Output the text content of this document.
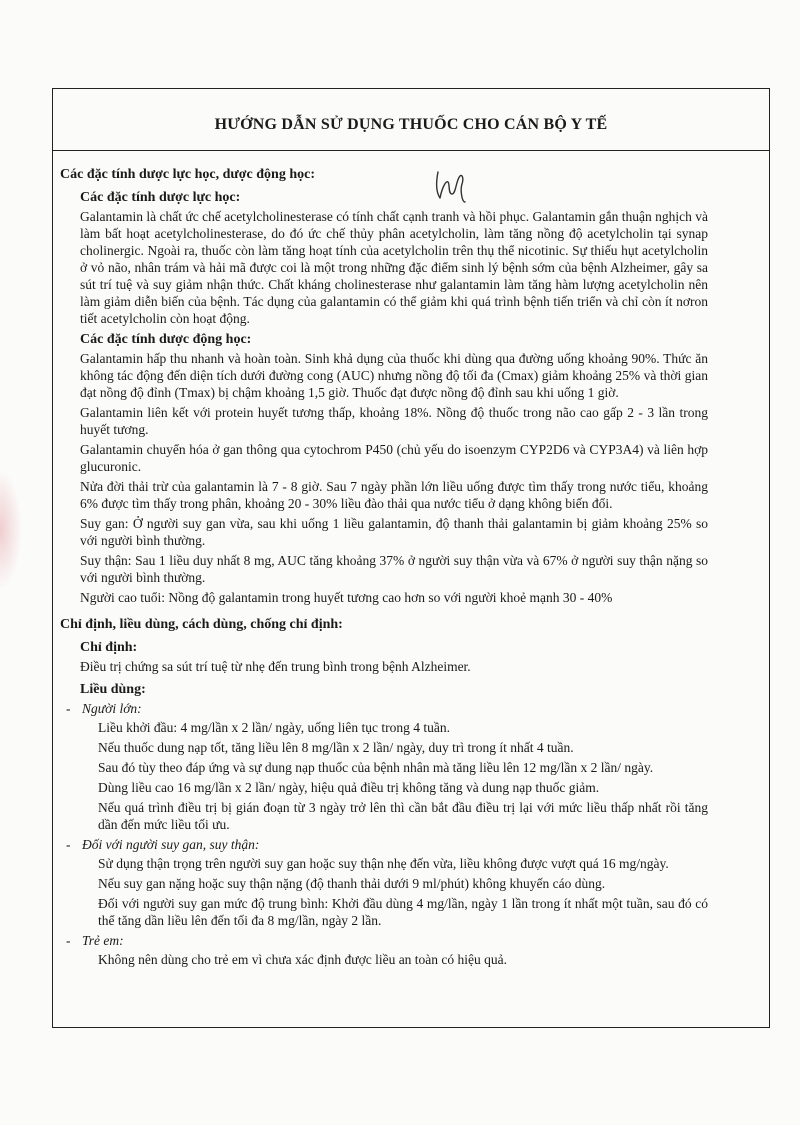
HƯỚNG DẪN SỬ DỤNG THUỐC CHO CÁN BỘ Y TẾ
Các đặc tính dược lực học, dược động học:
Các đặc tính dược lực học:
Galantamin là chất ức chế acetylcholinesterase có tính chất cạnh tranh và hồi phục. Galantamin gắn thuận nghịch và làm bất hoạt acetylcholinesterase, do đó ức chế thủy phân acetylcholin, làm tăng nồng độ acetylcholin tại synap cholinergic. Ngoài ra, thuốc còn làm tăng hoạt tính của acetylcholin trên thụ thể nicotinic. Sự thiếu hụt acetylcholin ở vỏ não, nhân trám và hải mã được coi là một trong những đặc điểm sinh lý bệnh sớm của bệnh Alzheimer, gây sa sút trí tuệ và suy giảm nhận thức. Chất kháng cholinesterase như galantamin làm tăng hàm lượng acetylcholin nên làm giảm diễn biến của bệnh. Tác dụng của galantamin có thể giảm khi quá trình bệnh tiến triển và chỉ còn ít nơron tiết acetylcholin còn hoạt động.
Các đặc tính dược động học:
Galantamin hấp thu nhanh và hoàn toàn. Sinh khả dụng của thuốc khi dùng qua đường uống khoảng 90%. Thức ăn không tác động đến diện tích dưới đường cong (AUC) nhưng nồng độ tối đa (Cmax) giảm khoảng 25% và thời gian đạt nồng độ đỉnh (Tmax) bị chậm khoảng 1,5 giờ. Thuốc đạt được nồng độ đỉnh sau khi uống 1 giờ.
Galantamin liên kết với protein huyết tương thấp, khoảng 18%. Nồng độ thuốc trong não cao gấp 2 - 3 lần trong huyết tương.
Galantamin chuyển hóa ở gan thông qua cytochrom P450 (chủ yếu do isoenzym CYP2D6 và CYP3A4) và liên hợp glucuronic.
Nửa đời thải trừ của galantamin là 7 - 8 giờ. Sau 7 ngày phần lớn liều uống được tìm thấy trong nước tiểu, khoảng 6% được tìm thấy trong phân, khoảng 20 - 30% liều đào thải qua nước tiểu ở dạng không biến đổi.
Suy gan: Ở người suy gan vừa, sau khi uống 1 liều galantamin, độ thanh thải galantamin bị giảm khoảng 25% so với người bình thường.
Suy thận: Sau 1 liều duy nhất 8 mg, AUC tăng khoảng 37% ở người suy thận vừa và 67% ở người suy thận nặng so với người bình thường.
Người cao tuổi: Nồng độ galantamin trong huyết tương cao hơn so với người khoẻ mạnh 30 - 40%
Chỉ định, liều dùng, cách dùng, chống chỉ định:
Chỉ định:
Điều trị chứng sa sút trí tuệ từ nhẹ đến trung bình trong bệnh Alzheimer.
Liều dùng:
- Người lớn:
Liều khởi đầu: 4 mg/lần x 2 lần/ ngày, uống liên tục trong 4 tuần.
Nếu thuốc dung nạp tốt, tăng liều lên 8 mg/lần x 2 lần/ ngày, duy trì trong ít nhất 4 tuần.
Sau đó tùy theo đáp ứng và sự dung nạp thuốc của bệnh nhân mà tăng liều lên 12 mg/lần x 2 lần/ ngày.
Dùng liều cao 16 mg/lần x 2 lần/ ngày, hiệu quả điều trị không tăng và dung nạp thuốc giảm.
Nếu quá trình điều trị bị gián đoạn từ 3 ngày trở lên thì cần bắt đầu điều trị lại với mức liều thấp nhất rồi tăng dần đến mức liều tối ưu.
- Đối với người suy gan, suy thận:
Sử dụng thận trọng trên người suy gan hoặc suy thận nhẹ đến vừa, liều không được vượt quá 16 mg/ngày.
Nếu suy gan nặng hoặc suy thận nặng (độ thanh thải dưới 9 ml/phút) không khuyến cáo dùng.
Đối với người suy gan mức độ trung bình: Khởi đầu dùng 4 mg/lần, ngày 1 lần trong ít nhất một tuần, sau đó có thể tăng dần liều lên đến tối đa 8 mg/lần, ngày 2 lần.
- Trẻ em:
Không nên dùng cho trẻ em vì chưa xác định được liều an toàn có hiệu quả.
